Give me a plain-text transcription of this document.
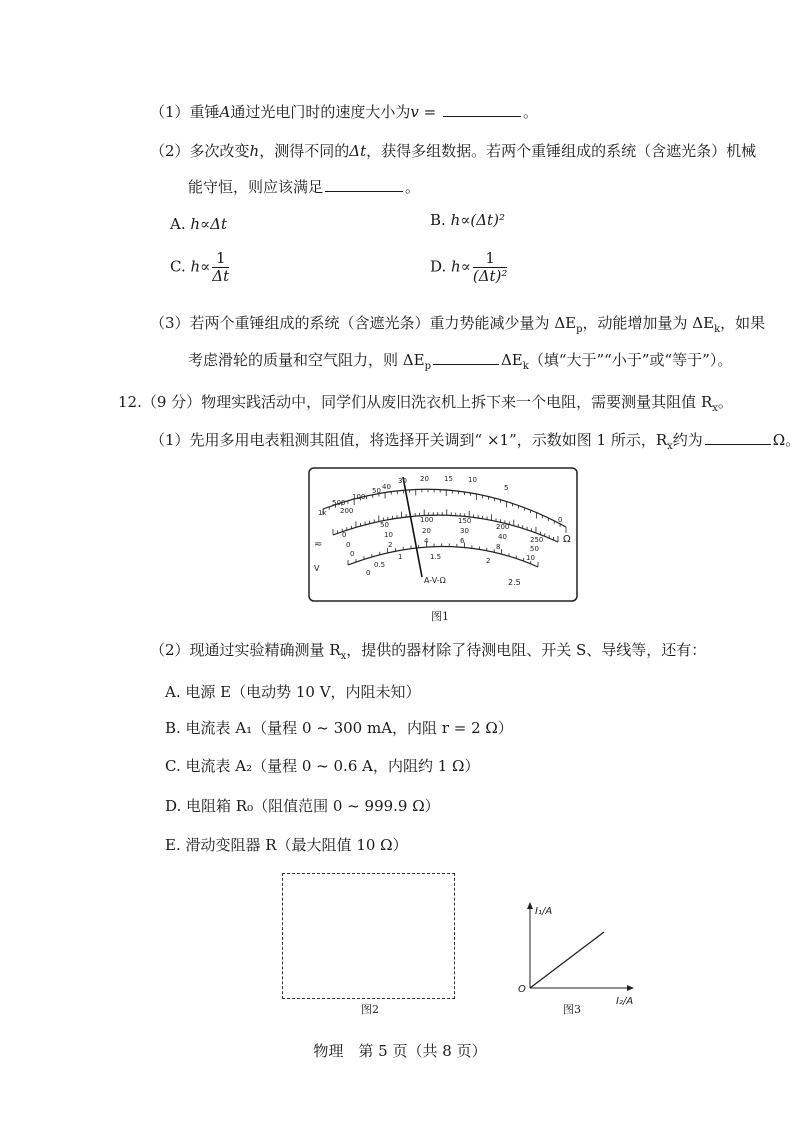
（1）重锤A通过光电门时的速度大小为v =	。
（2）多次改变h，测得不同的Δt，获得多组数据。若两个重锤组成的系统（含遮光条）机械
能守恒，则应该满足	。
A. h∝Δt	B. h∝(Δt)²
C. $h\propto \frac{1}{\Delta t}$	D. $h\propto \frac{1}{\text{(Δt)²}}$
（3）若两个重锤组成的系统（含遮光条）重力势能减少量为 $\Delta E_p$，动能增加量为 $\Delta E_k$，如果
考虑滑轮的质量和空气阻力，则 $\Delta E_p$	$\Delta E_k$（填“大于”“小于”或“等于”）。
12.（9 分）物理实践活动中，同学们从废旧洗衣机上拆下来一个电阻，需要测量其阻值 $R_x$。
（1）先用多用电表粗测其阻值，将选择开关调到“ ×1”，示数如图 1 所示，$R_x$约为	Ω。
1k
500
200
100
50 40
30 20 15 10
5
0
Ω
≂
V
0
50
100	150
200
250
0
10	20	30
40
50
0
2	4	6
8
10
0
0.5
1	1.5	2
2.5
A-V-Ω
图1
（2）现通过实验精确测量 $R_x$，提供的器材除了待测电阻、开关 S、导线等，还有：
A. 电源 E（电动势 10 V，内阻未知）
B. 电流表 A₁（量程 0 ~ 300 mA，内阻 r = 2 Ω）
C. 电流表 A₂（量程 0 ~ 0.6 A，内阻约 1 Ω）
D. 电阻箱 R₀（阻值范围 0 ~ 999.9 Ω）
E. 滑动变阻器 R（最大阻值 10 Ω）
图2
I₁/A
I₂/A
O
图3
物理　第 5 页（共 8 页）
